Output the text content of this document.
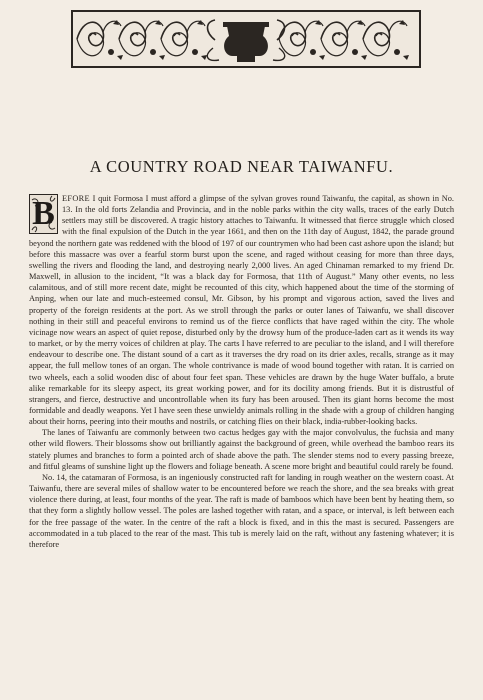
A COUNTRY ROAD NEAR TAIWANFU.

B EFORE I quit Formosa I must afford a glimpse of the sylvan groves round Taiwanfu, the capital, as shown in No. 13. In the old forts Zelandia and Provincia, and in the noble parks within the city walls, traces of the early Dutch settlers may still be discovered. A tragic history attaches to Taiwanfu. It witnessed that fierce struggle which closed with the final expulsion of the Dutch in the year 1661, and then on the 11th day of August, 1842, the parade ground beyond the northern gate was reddened with the blood of 197 of our countrymen who had been cast ashore upon the island; but before this massacre was over a fearful storm burst upon the scene, and raged without ceasing for more than three days, swelling the rivers and flooding the land, and destroying nearly 2,000 lives. An aged Chinaman remarked to my friend Dr. Maxwell, in allusion to the incident, “It was a black day for Formosa, that 11th of August.” Many other events, no less calamitous, and of still more recent date, might be recounted of this city, which happened about the time of the storming of Anping, when our late and much-esteemed consul, Mr. Gibson, by his prompt and vigorous action, saved the lives and property of the foreign residents at the port. As we stroll through the parks or outer lanes of Taiwanfu, we shall discover nothing in their still and peaceful environs to remind us of the fierce conflicts that have raged within the city. The whole vicinage now wears an aspect of quiet repose, disturbed only by the drowsy hum of the produce-laden cart as it wends its way to market, or by the merry voices of children at play. The carts I have referred to are peculiar to the island, and I will therefore endeavour to describe one. The distant sound of a cart as it traverses the dry road on its drier axles, recalls, strange as it may appear, the full mellow tones of an organ. The whole contrivance is made of wood bound together with ratan. It is carried on two wheels, each a solid wooden disc of about four feet span. These vehicles are drawn by the huge Water buffalo, a brute alike remarkable for its sleepy aspect, its great working power, and for its docility among friends. But it is distrustful of strangers, and fierce, destructive and uncontrollable when its fury has been aroused. Then its giant horns become the most formidable and deadly weapons. Yet I have seen these unwieldy animals rolling in the shade with a group of children hanging about their horns, peering into their mouths and nostrils, or catching flies on their black, india-rubber-looking backs.

The lanes of Taiwanfu are commonly between two cactus hedges gay with the major convolvulus, the fuchsia and many other wild flowers. Their blossoms show out brilliantly against the background of green, while overhead the bamboo rears its stately plumes and branches to form a pointed arch of shade above the path. The slender stems nod to every passing breeze, and fitful gleams of sunshine light up the flowers and foliage beneath. A scene more bright and beautiful could rarely be found.

No. 14, the catamaran of Formosa, is an ingeniously constructed raft for landing in rough weather on the western coast. At Taiwanfu, there are several miles of shallow water to be encountered before we reach the shore, and the sea breaks with great violence there during, at least, four months of the year. The raft is made of bamboos which have been bent by heating them, so that they form a slightly hollow vessel. The poles are lashed together with ratan, and a space, or interval, is left between each for the free passage of the water. In the centre of the raft a block is fixed, and in this the mast is secured. Passengers are accommodated in a tub placed to the rear of the mast. This tub is merely laid on the raft, without any fastening whatever; it is therefore
